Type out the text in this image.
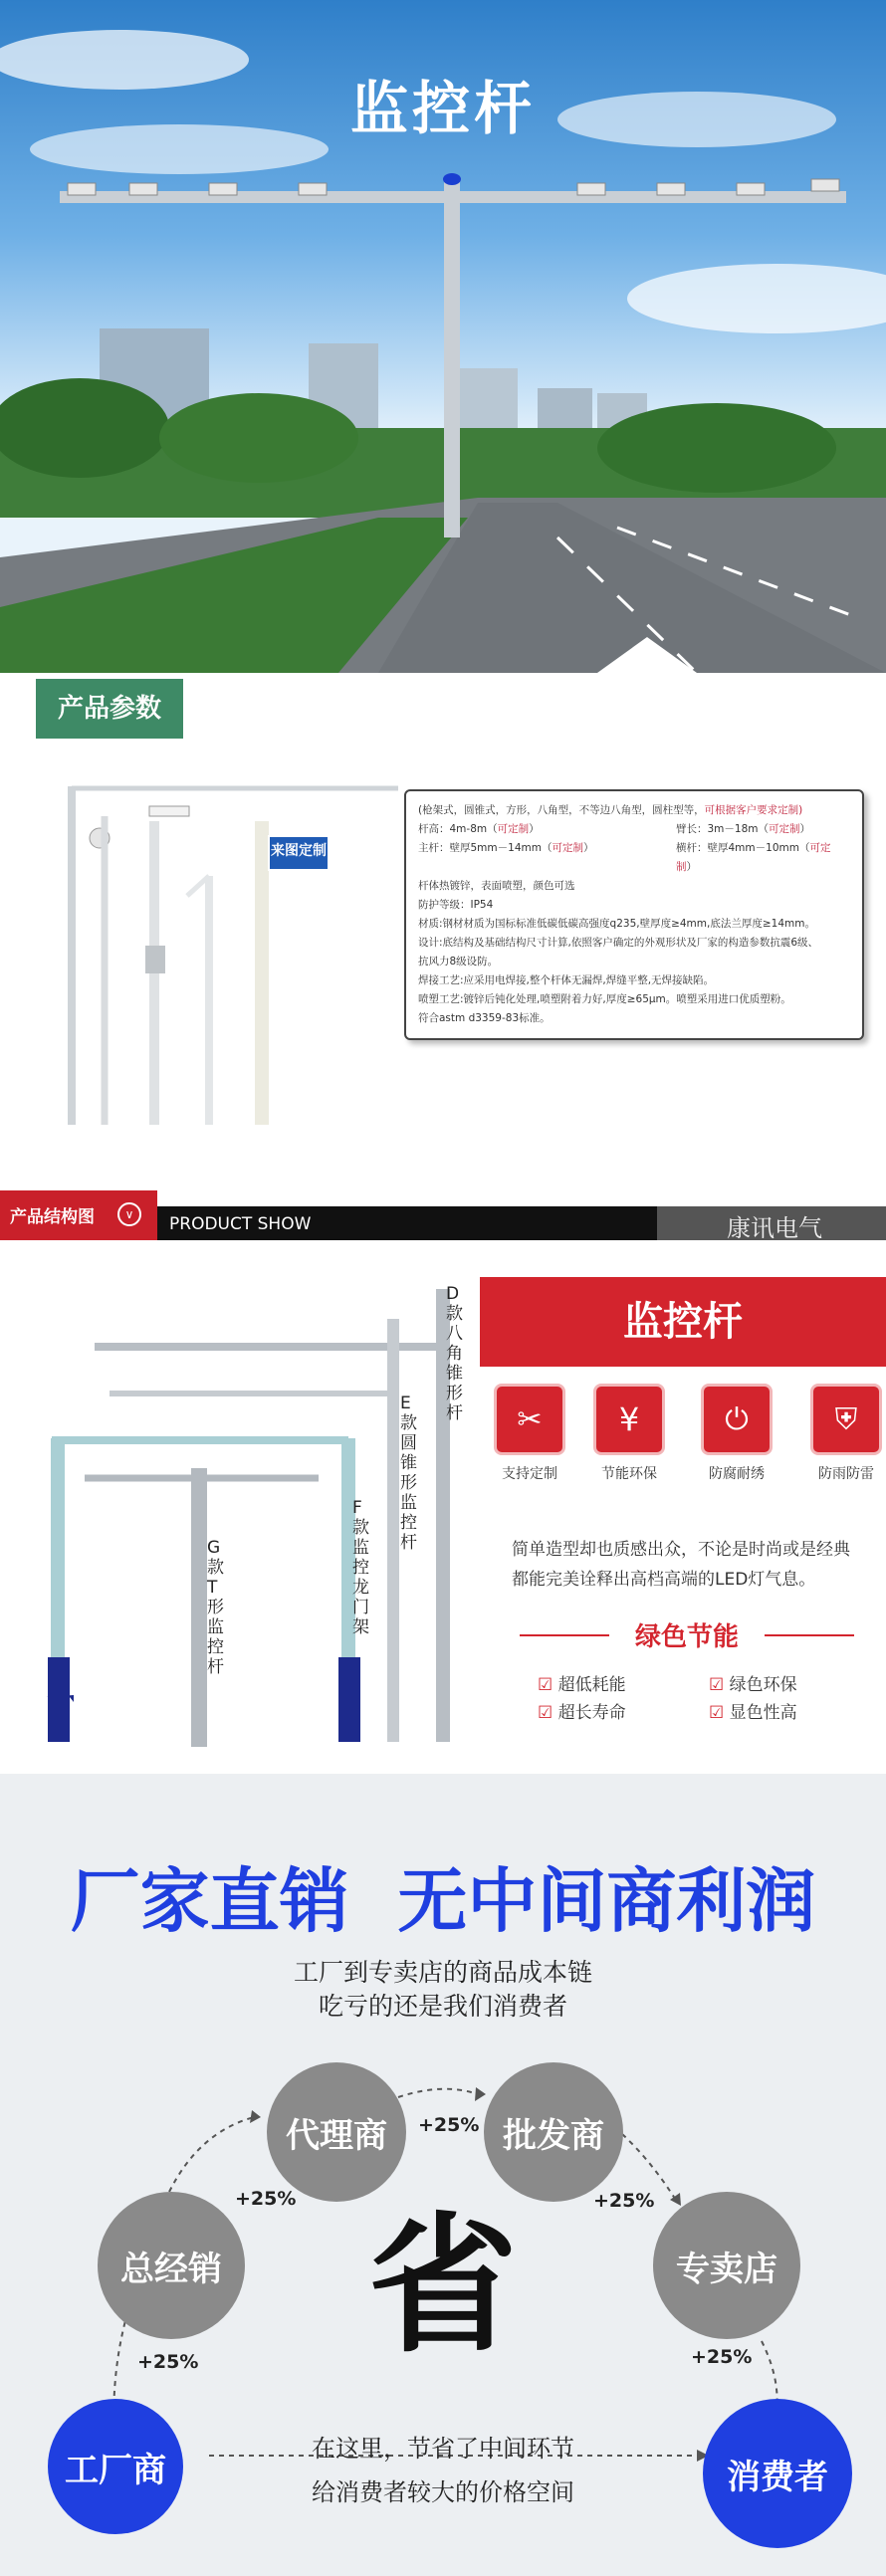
监控杆
产品参数
来图定制
(枪架式，圆锥式，方形，八角型，不等边八角型，圆柱型等，可根据客户要求定制)
杆高：4m-8m（可定制）	臂长：3m－18m（可定制）
主杆：壁厚5mm－14mm（可定制）	横杆：壁厚4mm－10mm（可定制）
杆体热镀锌，表面喷塑，颜色可选
防护等级：IP54
材质:钢材材质为国标标准低碳低碳高强度q235,壁厚度≥4mm,底法兰厚度≥14mm。
设计:底结构及基础结构尺寸计算,依照客户确定的外观形状及厂家的构造参数抗震6级、
抗风力8级设防。
焊接工艺:应采用电焊接,整个杆体无漏焊,焊缝平整,无焊接缺陷。
喷塑工艺:镀锌后钝化处理,喷塑附着力好,厚度≥65μm。喷塑采用进口优质塑粉。
符合astm d3359-83标准。
产品结构图	∨	PRODUCT SHOW	康讯电气
D款 八角锥形杆
E款 圆锥形监控杆
F款 监控龙门架
G款 T形监控杆
监控杆
✂
支持定制
¥
节能环保
⏻
防腐耐绣
⛨
防雨防雷
简单造型却也质感出众，不论是时尚或是经典都能完美诠释出高档高端的LED灯气息。
绿色节能
☑ 超低耗能	☑ 绿色环保
☑ 超长寿命	☑ 显色性高
厂家直销  无中间商利润
工厂到专卖店的商品成本链
吃亏的还是我们消费者
工厂商
总经销
代理商	批发商
专卖店
消费者
+25%
+25%
+25%
+25%
+25%
省
在这里，节省了中间环节
给消费者较大的价格空间
